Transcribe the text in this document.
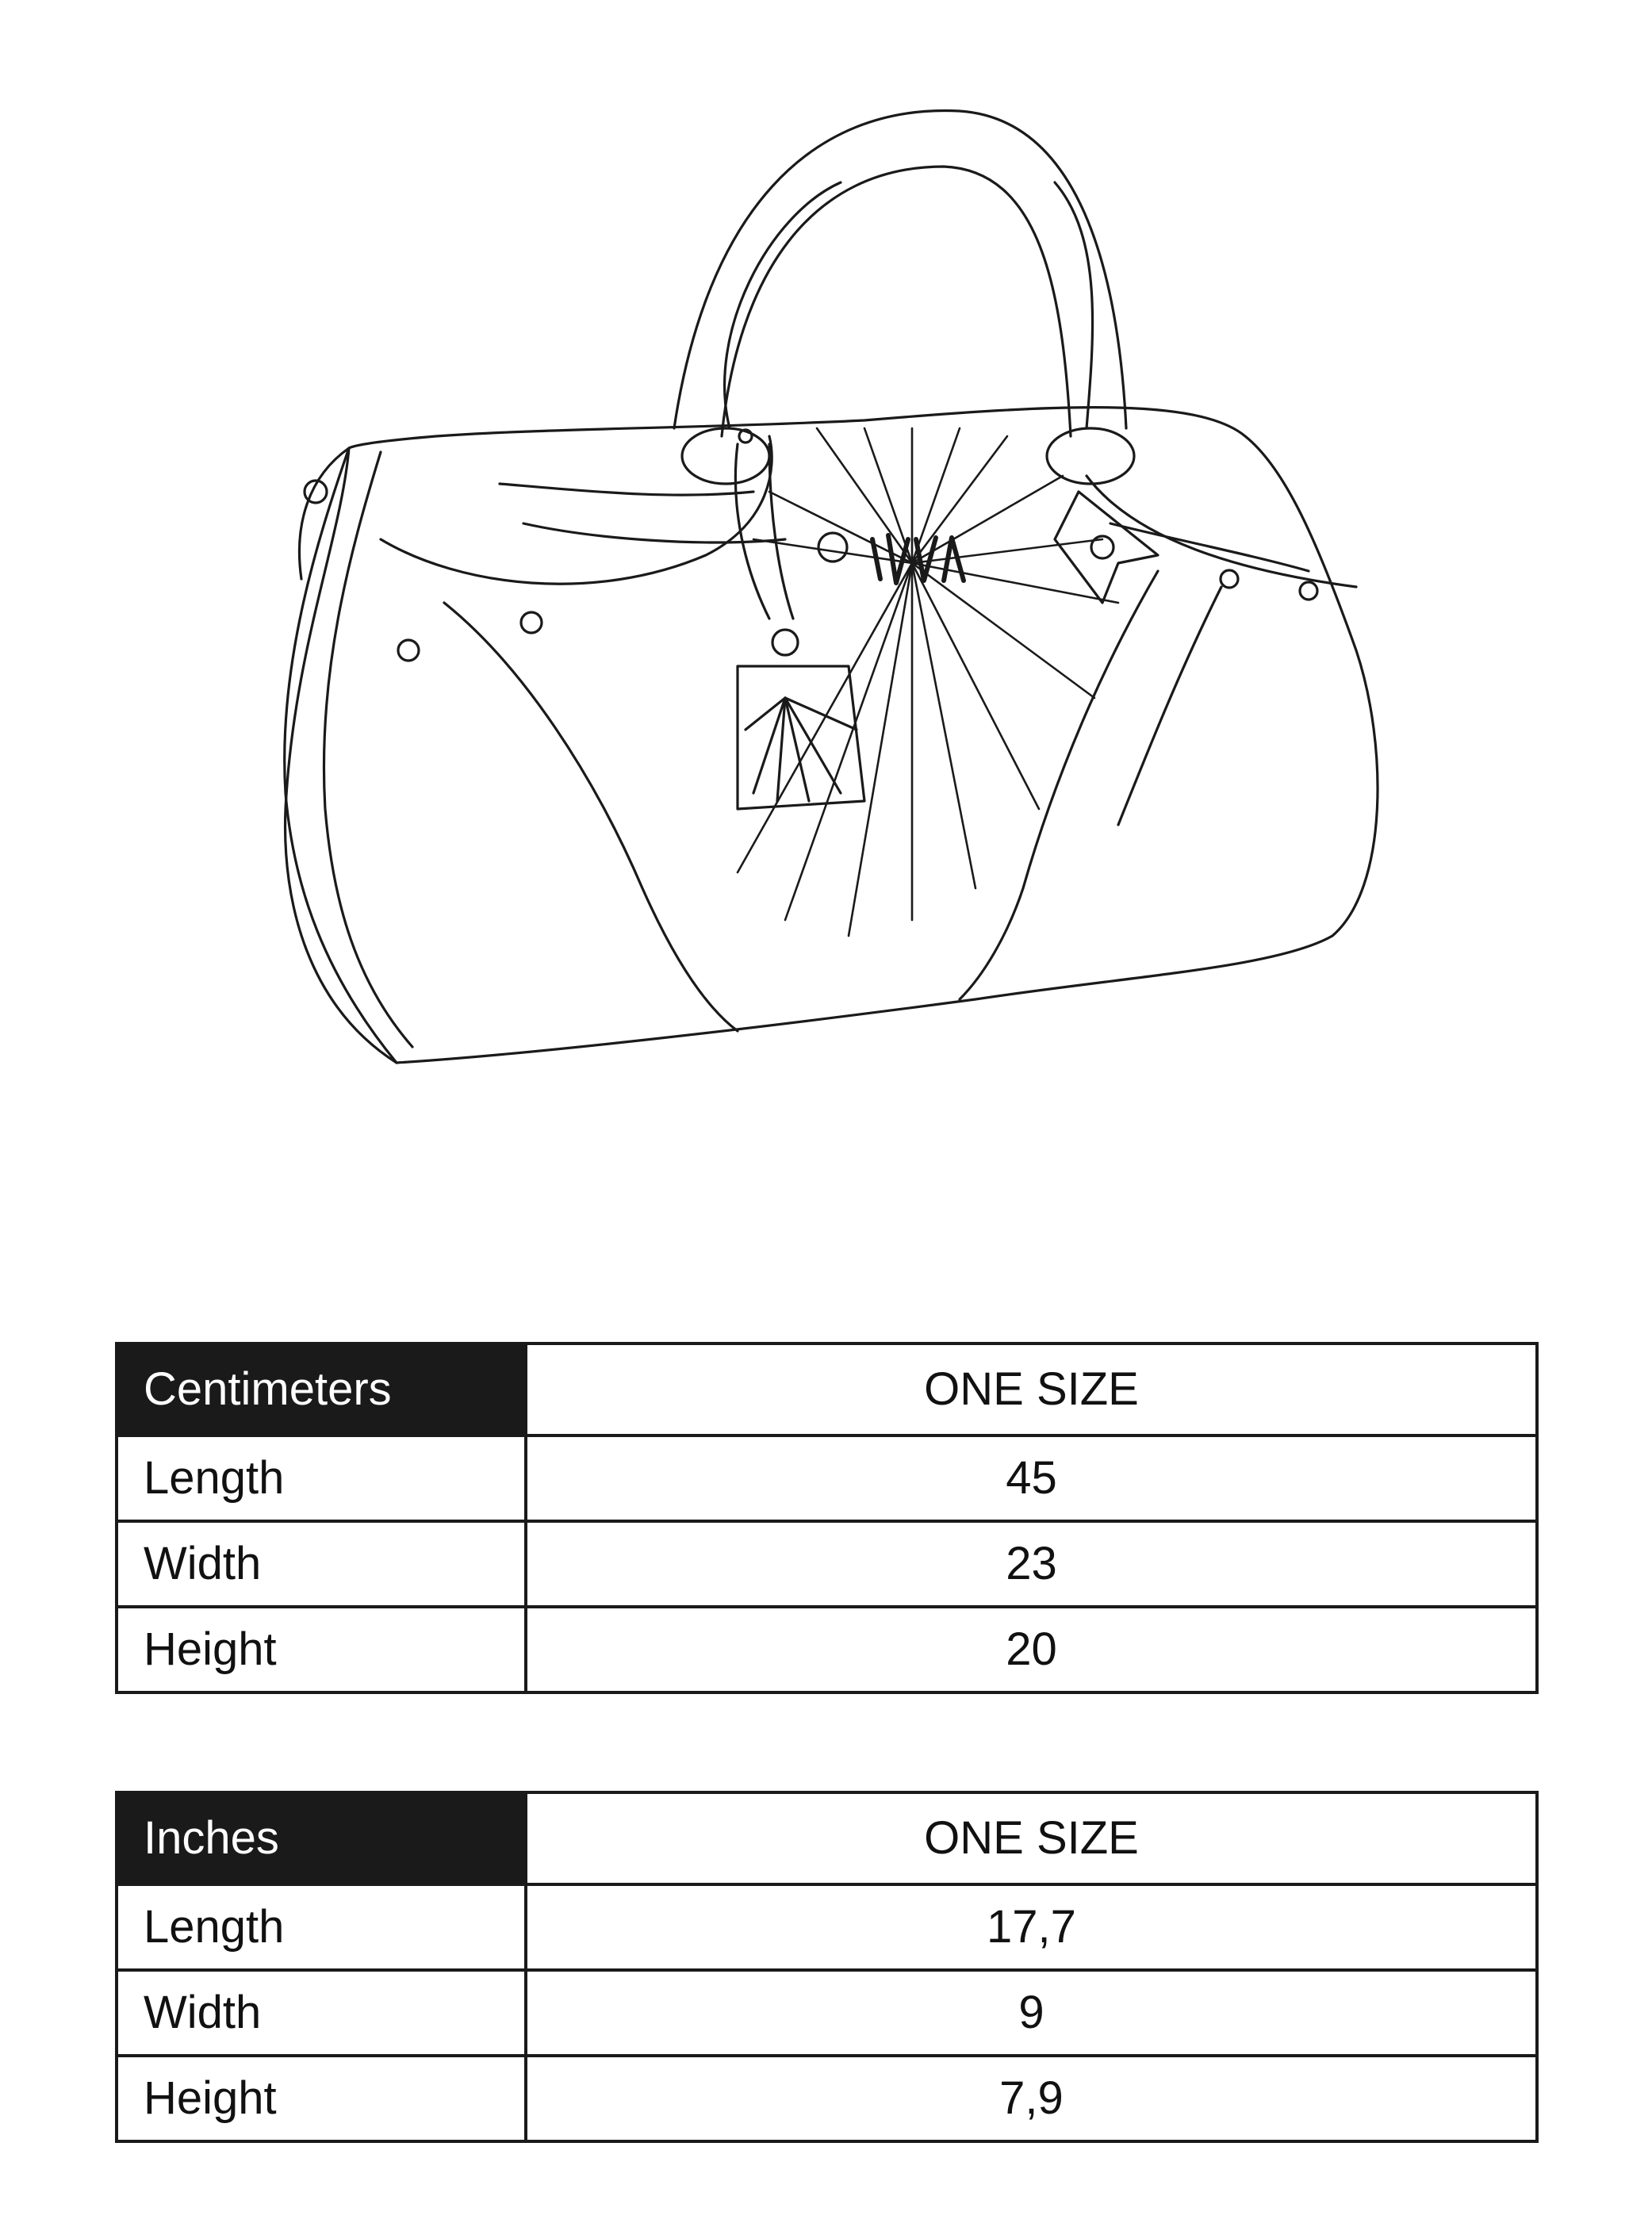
Centimeters	ONE SIZE
Length	45
Width	23
Height	20
Inches	ONE SIZE
Length	17,7
Width	9
Height	7,9
